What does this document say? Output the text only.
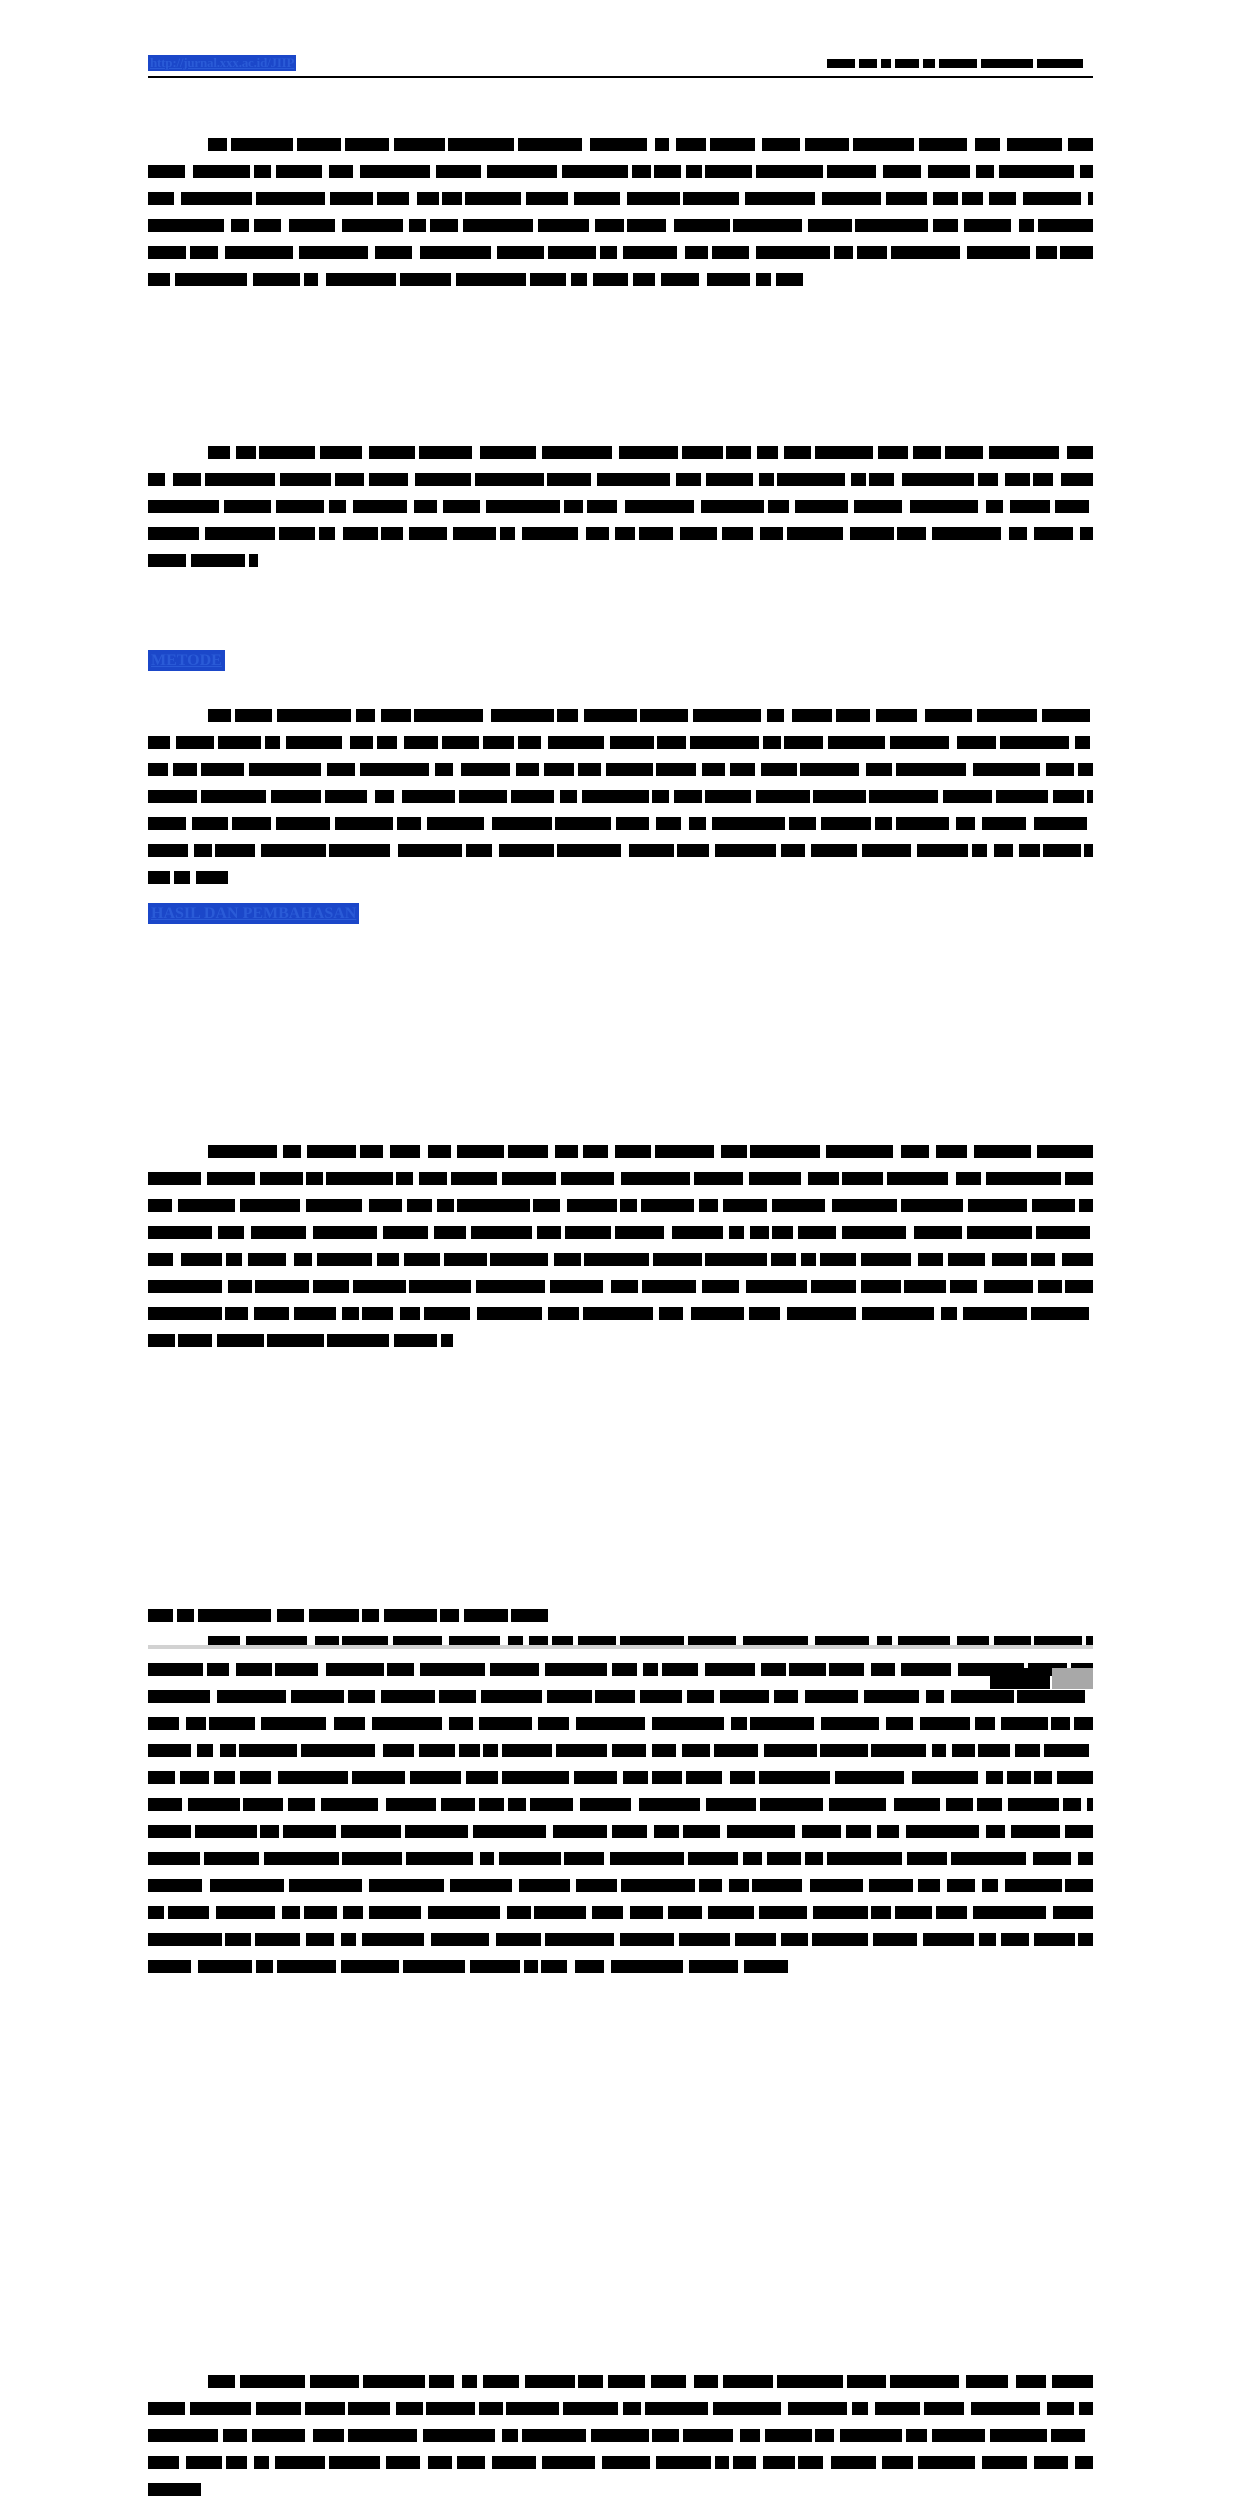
http://jurnal.xxx.ac.id/JIIP
METODE
HASIL DAN PEMBAHASAN
